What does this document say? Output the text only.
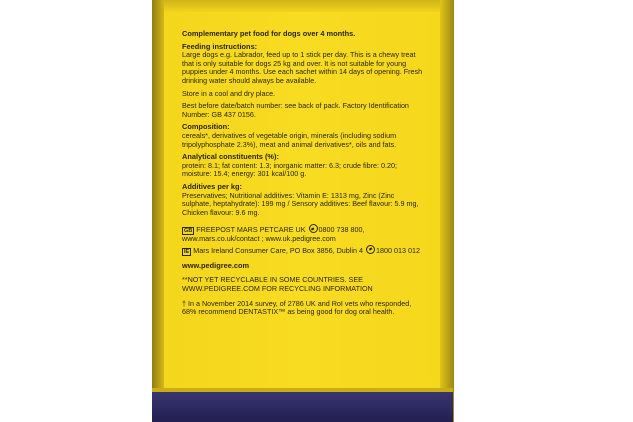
Complementary pet food for dogs over 4 months.
Feeding instructions:
Large dogs e.g. Labrador, feed up to 1 stick per day. This is a chewy treat
that is only suitable for dogs 25 kg and over. It is not suitable for young
puppies under 4 months. Use each sachet within 14 days of opening. Fresh
drinking water should always be available.
Store in a cool and dry place.
Best before date/batch number: see back of pack. Factory Identification
Number: GB 437 0156.
Composition:
cereals*, derivatives of vegetable origin, minerals (including sodium
tripolyphosphate 2.3%), meat and animal derivatives*, oils and fats.
Analytical constituents (%):
protein: 8.1; fat content: 1.3; inorganic matter: 6.3; crude fibre: 0.20;
moisture: 15.4; energy: 301 kcal/100 g.
Additives per kg:
Preservatives; Nutritional additives: Vitamin E: 1313 mg, Zinc (Zinc
sulphate, heptahydrate): 199 mg / Sensory additives: Beef flavour: 5.9 mg,
Chicken flavour: 9.6 mg.
GB FREEPOST MARS PETCARE UK 0800 738 800,
www.mars.co.uk/contact ; www.uk.pedigree.com
IE Mars Ireland Consumer Care, PO Box 3856, Dublin 4 1800 013 012
www.pedigree.com
**NOT YET RECYCLABLE IN SOME COUNTRIES. SEE
WWW.PEDIGREE.COM FOR RECYCLING INFORMATION
† In a November 2014 survey, of 2786 UK and RoI vets who responded,
68% recommend DENTASTIX™ as being good for dog oral health.
